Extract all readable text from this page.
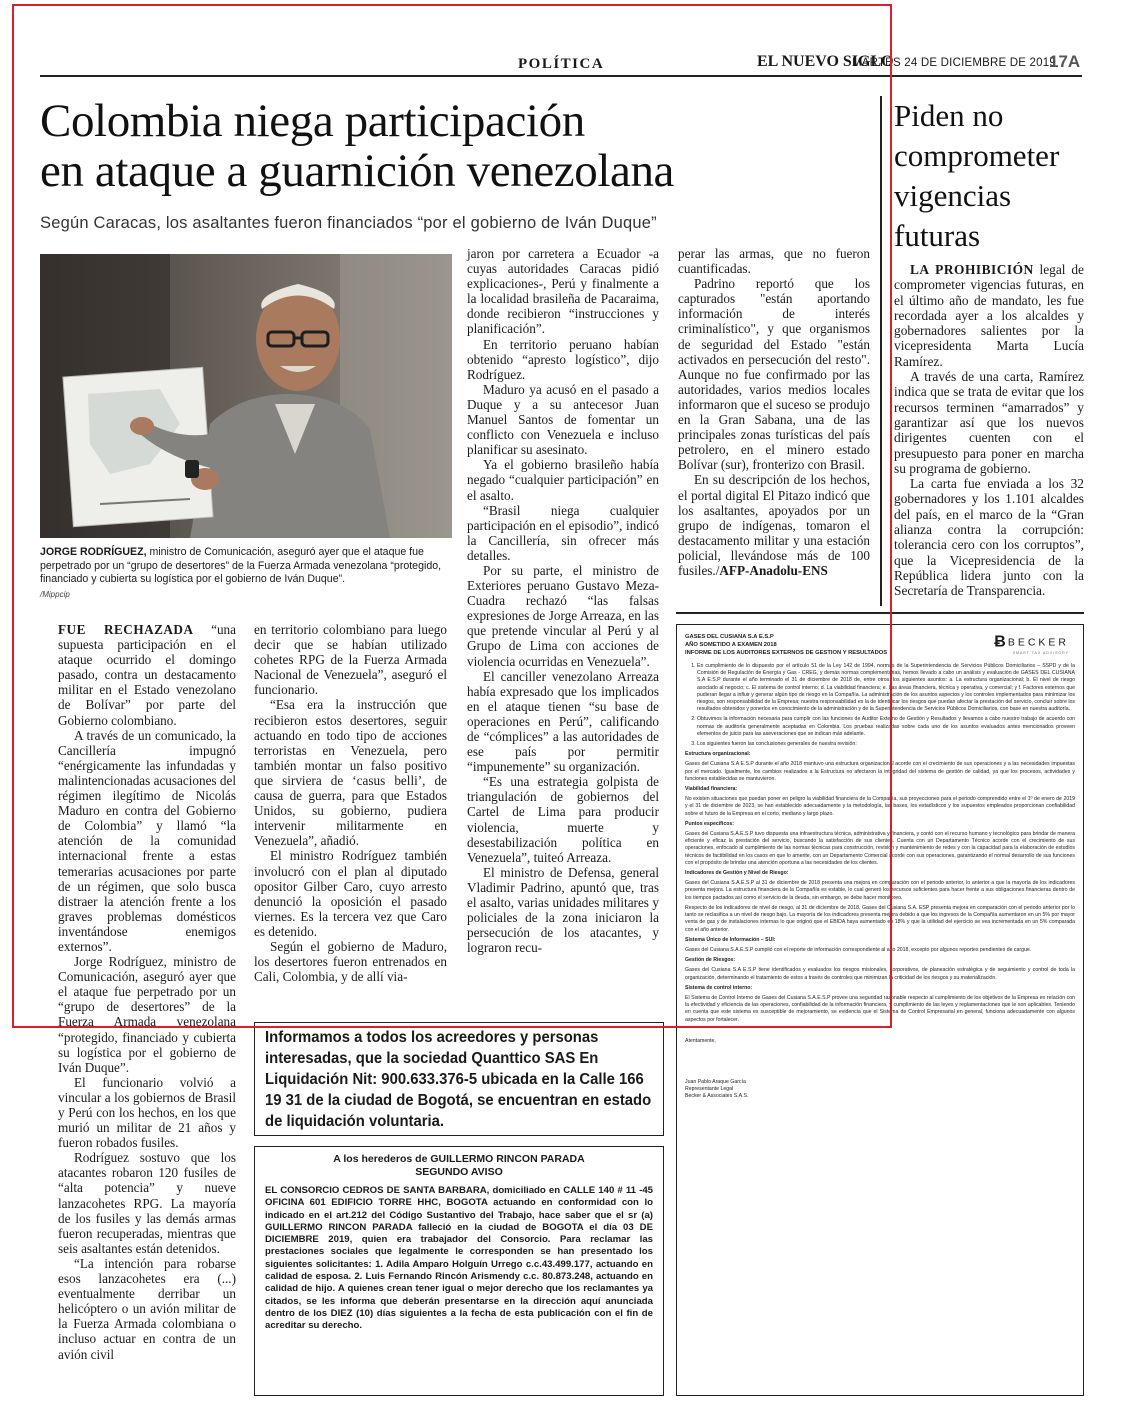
POLÍTICA	EL NUEVO SIGLO
MARTES 24 DE DICIEMBRE DE 2019
17A
Colombia niega participación
en ataque a guarnición venezolana
Según Caracas, los asaltantes fueron financiados “por el gobierno de Iván Duque”
JORGE RODRÍGUEZ, ministro de Comunicación, aseguró ayer que el ataque fue perpetrado por un “grupo de desertores” de la Fuerza Armada venezolana “protegido, financiado y cubierta su logística por el gobierno de Iván Duque”.
/Mippcip

FUE RECHAZADA “una supuesta participación en el ataque ocurrido el domingo pasado, contra un destacamento militar en el Estado venezolano de Bolívar” por parte del Gobierno colombiano.

A través de un comunicado, la Cancillería impugnó “enérgicamente las infundadas y malintencionadas acusaciones del régimen ilegítimo de Nicolás Maduro en contra del Gobierno de Colombia” y llamó “la atención de la comunidad internacional frente a estas temerarias acusaciones por parte de un régimen, que solo busca distraer la atención frente a los graves problemas domésticos inventándose enemigos externos”.

Jorge Rodríguez, ministro de Comunicación, aseguró ayer que el ataque fue perpetrado por un “grupo de desertores” de la Fuerza Armada venezolana “protegido, financiado y cubierta su logística por el gobierno de Iván Duque”.

El funcionario volvió a vincular a los gobiernos de Brasil y Perú con los hechos, en los que murió un militar de 21 años y fueron robados fusiles.

Rodríguez sostuvo que los atacantes robaron 120 fusiles de “alta potencia” y nueve lanzacohetes RPG. La mayoría de los fusiles y las demás armas fueron recuperadas, mientras que seis asaltantes están detenidos.

“La intención para robarse esos lanzacohetes era (...) eventualmente derribar un helicóptero o un avión militar de la Fuerza Armada colombiana o incluso actuar en contra de un avión civil

en territorio colombiano para luego decir que se habían utilizado cohetes RPG de la Fuerza Armada Nacional de Venezuela”, aseguró el funcionario.

“Esa era la instrucción que recibieron estos desertores, seguir actuando en todo tipo de acciones terroristas en Venezuela, pero también montar un falso positivo que sirviera de ‘casus belli’, de causa de guerra, para que Estados Unidos, su gobierno, pudiera intervenir militarmente en Venezuela”, añadió.

El ministro Rodríguez también involucró con el plan al diputado opositor Gilber Caro, cuyo arresto denunció la oposición el pasado viernes. Es la tercera vez que Caro es detenido.

Según el gobierno de Maduro, los desertores fueron entrenados en Cali, Colombia, y de allí via-

jaron por carretera a Ecuador -a cuyas autoridades Caracas pidió explicaciones-, Perú y finalmente a la localidad brasileña de Pacaraima, donde recibieron “instrucciones y planificación”.

En territorio peruano habían obtenido “apresto logístico”, dijo Rodríguez.

Maduro ya acusó en el pasado a Duque y a su antecesor Juan Manuel Santos de fomentar un conflicto con Venezuela e incluso planificar su asesinato.

Ya el gobierno brasileño había negado “cualquier participación” en el asalto.

“Brasil niega cualquier participación en el episodio”, indicó la Cancillería, sin ofrecer más detalles.

Por su parte, el ministro de Exteriores peruano Gustavo Meza-Cuadra rechazó “las falsas expresiones de Jorge Arreaza, en las que pretende vincular al Perú y al Grupo de Lima con acciones de violencia ocurridas en Venezuela”.

El canciller venezolano Arreaza había expresado que los implicados en el ataque tienen “su base de operaciones en Perú”, calificando de “cómplices” a las autoridades de ese país por permitir “impunemente” su organización.

“Es una estrategia golpista de triangulación de gobiernos del Cartel de Lima para producir violencia, muerte y desestabilización política en Venezuela”, tuiteó Arreaza.

El ministro de Defensa, general Vladimir Padrino, apuntó que, tras el asalto, varias unidades militares y policiales de la zona iniciaron la persecución de los atacantes, y lograron recu-

perar las armas, que no fueron cuantificadas.

Padrino reportó que los capturados "están aportando información de interés criminalístico", y que organismos de seguridad del Estado "están activados en persecución del resto". Aunque no fue confirmado por las autoridades, varios medios locales informaron que el suceso se produjo en la Gran Sabana, una de las principales zonas turísticas del país petrolero, en el minero estado Bolívar (sur), fronterizo con Brasil.

En su descripción de los hechos, el portal digital El Pitazo indicó que los asaltantes, apoyados por un grupo de indígenas, tomaron el destacamento militar y una estación policial, llevándose más de 100 fusiles./AFP-Anadolu-ENS

Piden no comprometer vigencias futuras

LA PROHIBICIÓN legal de comprometer vigencias futuras, en el último año de mandato, les fue recordada ayer a los alcaldes y gobernadores salientes por la vicepresidenta Marta Lucía Ramírez.

A través de una carta, Ramírez indica que se trata de evitar que los recursos terminen “amarrados” y garantizar así que los nuevos dirigentes cuenten con el presupuesto para poner en marcha su programa de gobierno.

La carta fue enviada a los 32 gobernadores y los 1.101 alcaldes del país, en el marco de la “Gran alianza contra la corrupción: tolerancia cero con los corruptos”, que la Vicepresidencia de la República lidera junto con la Secretaría de Transparencia.

Informamos a todos los acreedores y personas interesadas, que la sociedad Quanttico SAS En Liquidación Nit: 900.633.376-5 ubicada en la Calle 166 19 31 de la ciudad de Bogotá, se encuentran en estado de liquidación voluntaria.
A los herederos de GUILLERMO RINCON PARADA
SEGUNDO AVISO
EL CONSORCIO CEDROS DE SANTA BARBARA, domiciliado en CALLE 140 # 11 -45 OFICINA 601 EDIFICIO TORRE HHC, BOGOTA actuando en conformidad con lo indicado en el art.212 del Código Sustantivo del Trabajo, hace saber que el sr (a) GUILLERMO RINCON PARADA falleció en la ciudad de BOGOTA el día 03 DE DICIEMBRE 2019, quien era trabajador del Consorcio. Para reclamar las prestaciones sociales que legalmente le corresponden se han presentado los siguientes solicitantes: 1. Adila Amparo Holguín Urrego c.c.43.499.177, actuando en calidad de esposa. 2. Luis Fernando Rincón Arismendy c.c. 80.873.248, actuando en calidad de hijo. A quienes crean tener igual o mejor derecho que los reclamantes ya citados, se les informa que deberán presentarse en la dirección aquí anunciada dentro de los DIEZ (10) días siguientes a la fecha de esta publicación con el fin de acreditar su derecho.
GASES DEL CUSIANA S.A E.S.P
AÑO SOMETIDO A EXAMEN 2018
INFORME DE LOS AUDITORES EXTERNOS DE GESTION Y RESULTADOS
Ƀ BECKER
SMART TAX ADVISORY
1. En cumplimiento de lo dispuesto por el artículo 51 de la Ley 142 de 1994, normas de la Superintendencia de Servicios Públicos Domiciliarios – SSPD y de la Comisión de Regulación de Energía y Gas - CREG, y demás normas complementarias, hemos llevado a cabo un análisis y evaluación de GASES DEL CUSIANA S.A E.S.P durante el año terminado el 31 de diciembre de 2018 de, entre otros, los siguientes asuntos: a. La estructura organizacional; b. El nivel de riesgo asociado al negocio; c. El sistema de control interno; d. La viabilidad financiera; e. Las áreas financiera, técnica y operativa, y comercial; y f. Factores externos que pudieran llegar a influir y generar algún tipo de riesgo en la Compañía. La administración de los asuntos aspectos y los controles implementados para minimizar los riesgos, son responsabilidad de la Empresa; nuestra responsabilidad es la de identificar los riesgos que puedan afectar la prestación del servicio, concluir sobre los resultados obtenidos y ponerlos en conocimiento de la administración y de la Superintendencia de Servicios Públicos Domiciliarios, con base en nuestra auditoría.
2. Obtuvimos la información necesaria para cumplir con las funciones de Auditor Externo de Gestión y Resultados y llevamos a cabo nuestro trabajo de acuerdo con normas de auditoría generalmente aceptadas en Colombia. Los pruebas realizadas sobre cada uno de los asuntos evaluados antes mencionados proveen elementos de juicio para las aseveraciones que se indican más adelante.
3. Los siguientes fueron las conclusiones generales de nuestra revisión:

Estructura organizacional:

Gases del Cusiana S.A E.S.P durante el año 2018 mantuvo una estructura organizacional acorde con el crecimiento de sus operaciones y a las necesidades impuestas por el mercado. Igualmente, los cambios realizados a la Estructura no afectaron la integridad del sistema de gestión de calidad, ya que los procesos, actividades y funciones establecidas se mantuvieron.

Viabilidad financiera:

No existen situaciones que puedan poner en peligro la viabilidad financiera de la Compañía, sus proyecciones para el periodo comprendido entre el 1º de enero de 2019 y el 31 de diciembre de 2023, se han establecido adecuadamente y la metodología, las bases, los estadísticos y los supuestos empleados proporcionan confiabilidad sobre el futuro de la Empresa en el corto, mediano y largo plazo.

Puntos específicos:

Gases del Cusiana S.A.E.S.P tuvo dispuesta una infraestructura técnica, administrativa y financiera, y contó con el recurso humano y tecnológico para brindar de manera eficiente y eficaz la prestación del servicio, buscando la satisfacción de sus clientes. Cuenta con un Departamento Técnico acorde con el crecimiento de sus operaciones, enfocado al cumplimiento de las normas técnicas para construcción, revisión y mantenimiento de redes y con la capacidad para la elaboración de estudios técnicos de factibilidad en los casos en que lo amerite, con un Departamento Comercial acorde con sus operaciones, garantizando el normal desarrollo de sus funciones con el propósito de brindar una atención oportuna a las necesidades de los clientes.

Indicadores de Gestión y Nivel de Riesgo:

Gases del Cusiana S.A.E.S.P al 31 de diciembre de 2018 presenta una mejora en comparación con el periodo anterior, lo anterior a que la mayoría de los indicadores presenta mejora. La estructura financiera de la Compañía es estable, lo cual generó los recursos suficientes para hacer frente a sus obligaciones financieras dentro de los tiempos pactados así como el servicio de la deuda, sin embargo, se debe hacer monitoreo.

Respecto de los indicadores de nivel de riesgo, al 31 de diciembre de 2018, Gases del Cusiana S.A. ESP presenta mejora en comparación con el periodo anterior por lo tanto se reclasifica a un nivel de riesgo bajo. La mayoría de los indicadores presenta mejora debido a que los ingresos de la Compañía aumentaron en un 5% por mayor venta de gas y de instalaciones internas lo que originó que el EBIDA haya aumentado en 18% y que la utilidad del ejercicio se vea incrementada en un 5% comparada con el año anterior.

Sistema Único de Información – SUI:

Gases del Cusiana S.A.E.S.P cumplió con el reporte de información correspondiente al año 2018, excepto por algunos reportes pendientes de cargue.

Gestión de Riesgos:

Gases del Cusiana S.A E.S.P tiene identificados y evaluados los riesgos misionales, corporativos, de planeación estratégica y de seguimiento y control de toda la organización, determinando el tratamiento de estos a través de controles que minimizan la criticidad de los riesgos y su materialización.

Sistema de control interno:

El Sistema de Control Interno de Gases del Cusiana S.A.E.S.P provee una seguridad razonable respecto al cumplimiento de los objetivos de la Empresa en relación con la efectividad y eficiencia de las operaciones, confiabilidad de la información financiera, y cumplimiento de las leyes y reglamentaciones que le son aplicables. Teniendo en cuenta que este sistema es susceptible de mejoramiento, se evidencia que el Sistema de Control Empresarial en general, funciona adecuadamente con algunos aspectos por fortalecer.

Atentamente,

Juan Pablo Araque García

Representante Legal

Becker & Associates S.A.S.
